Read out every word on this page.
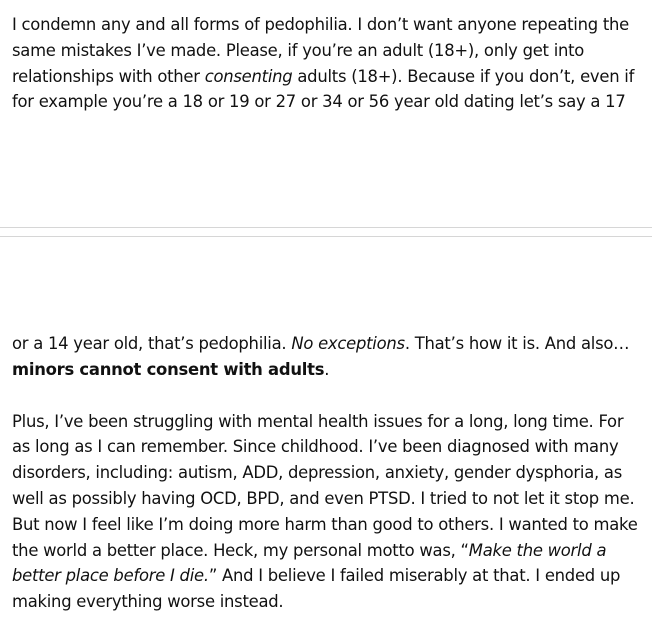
I condemn any and all forms of pedophilia. I don’t want anyone repeating the same mistakes I’ve made. Please, if you’re an adult (18+), only get into relationships with other consenting adults (18+). Because if you don’t, even if for example you’re a 18 or 19 or 27 or 34 or 56 year old dating let’s say a 17

or a 14 year old, that’s pedophilia. No exceptions. That’s how it is. And also… minors cannot consent with adults.

Plus, I’ve been struggling with mental health issues for a long, long time. For as long as I can remember. Since childhood. I’ve been diagnosed with many disorders, including: autism, ADD, depression, anxiety, gender dysphoria, as well as possibly having OCD, BPD, and even PTSD. I tried to not let it stop me. But now I feel like I’m doing more harm than good to others. I wanted to make the world a better place. Heck, my personal motto was, “Make the world a better place before I die.” And I believe I failed miserably at that. I ended up making everything worse instead.
